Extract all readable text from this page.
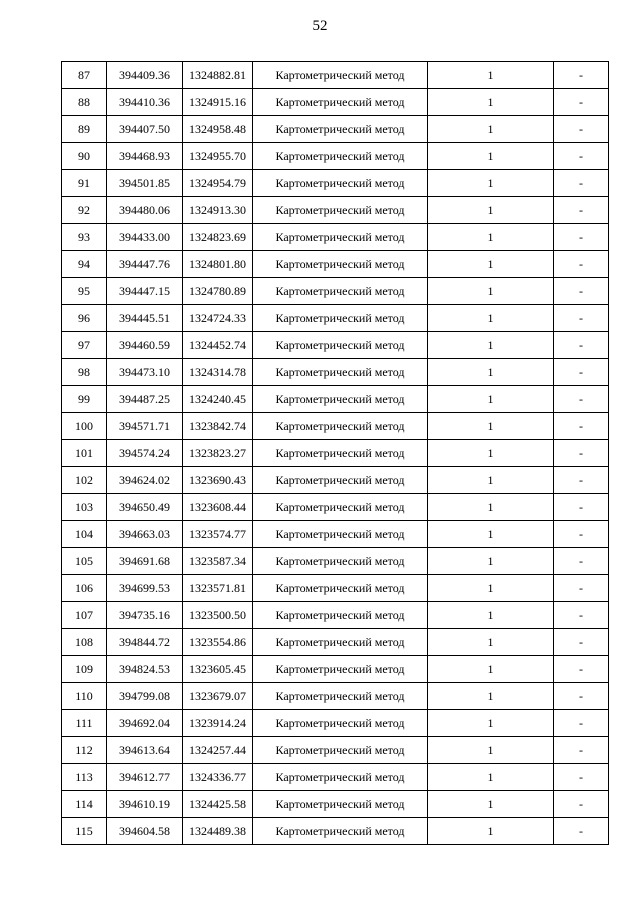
52
87	394409.36	1324882.81	Картометрический метод	1	-
88	394410.36	1324915.16	Картометрический метод	1	-
89	394407.50	1324958.48	Картометрический метод	1	-
90	394468.93	1324955.70	Картометрический метод	1	-
91	394501.85	1324954.79	Картометрический метод	1	-
92	394480.06	1324913.30	Картометрический метод	1	-
93	394433.00	1324823.69	Картометрический метод	1	-
94	394447.76	1324801.80	Картометрический метод	1	-
95	394447.15	1324780.89	Картометрический метод	1	-
96	394445.51	1324724.33	Картометрический метод	1	-
97	394460.59	1324452.74	Картометрический метод	1	-
98	394473.10	1324314.78	Картометрический метод	1	-
99	394487.25	1324240.45	Картометрический метод	1	-
100	394571.71	1323842.74	Картометрический метод	1	-
101	394574.24	1323823.27	Картометрический метод	1	-
102	394624.02	1323690.43	Картометрический метод	1	-
103	394650.49	1323608.44	Картометрический метод	1	-
104	394663.03	1323574.77	Картометрический метод	1	-
105	394691.68	1323587.34	Картометрический метод	1	-
106	394699.53	1323571.81	Картометрический метод	1	-
107	394735.16	1323500.50	Картометрический метод	1	-
108	394844.72	1323554.86	Картометрический метод	1	-
109	394824.53	1323605.45	Картометрический метод	1	-
110	394799.08	1323679.07	Картометрический метод	1	-
111	394692.04	1323914.24	Картометрический метод	1	-
112	394613.64	1324257.44	Картометрический метод	1	-
113	394612.77	1324336.77	Картометрический метод	1	-
114	394610.19	1324425.58	Картометрический метод	1	-
115	394604.58	1324489.38	Картометрический метод	1	-
